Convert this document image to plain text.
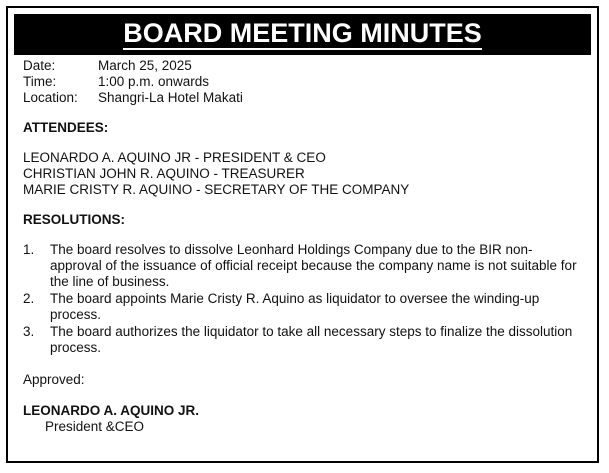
BOARD MEETING MINUTES
Date:	March 25, 2025
Time:	1:00 p.m. onwards
Location:	Shangri-La Hotel Makati
ATTENDEES:
LEONARDO A. AQUINO JR - PRESIDENT & CEO
CHRISTIAN JOHN R. AQUINO - TREASURER
MARIE CRISTY R. AQUINO - SECRETARY OF THE COMPANY
RESOLUTIONS:
1.	The board resolves to dissolve Leonhard Holdings Company due to the BIR non-approval of the issuance of official receipt because the company name is not suitable for the line of business.
2.	The board appoints Marie Cristy R. Aquino as liquidator to oversee the winding-up process.
3.	The board authorizes the liquidator to take all necessary steps to finalize the dissolution process.
Approved:
LEONARDO A. AQUINO JR.
President &CEO
